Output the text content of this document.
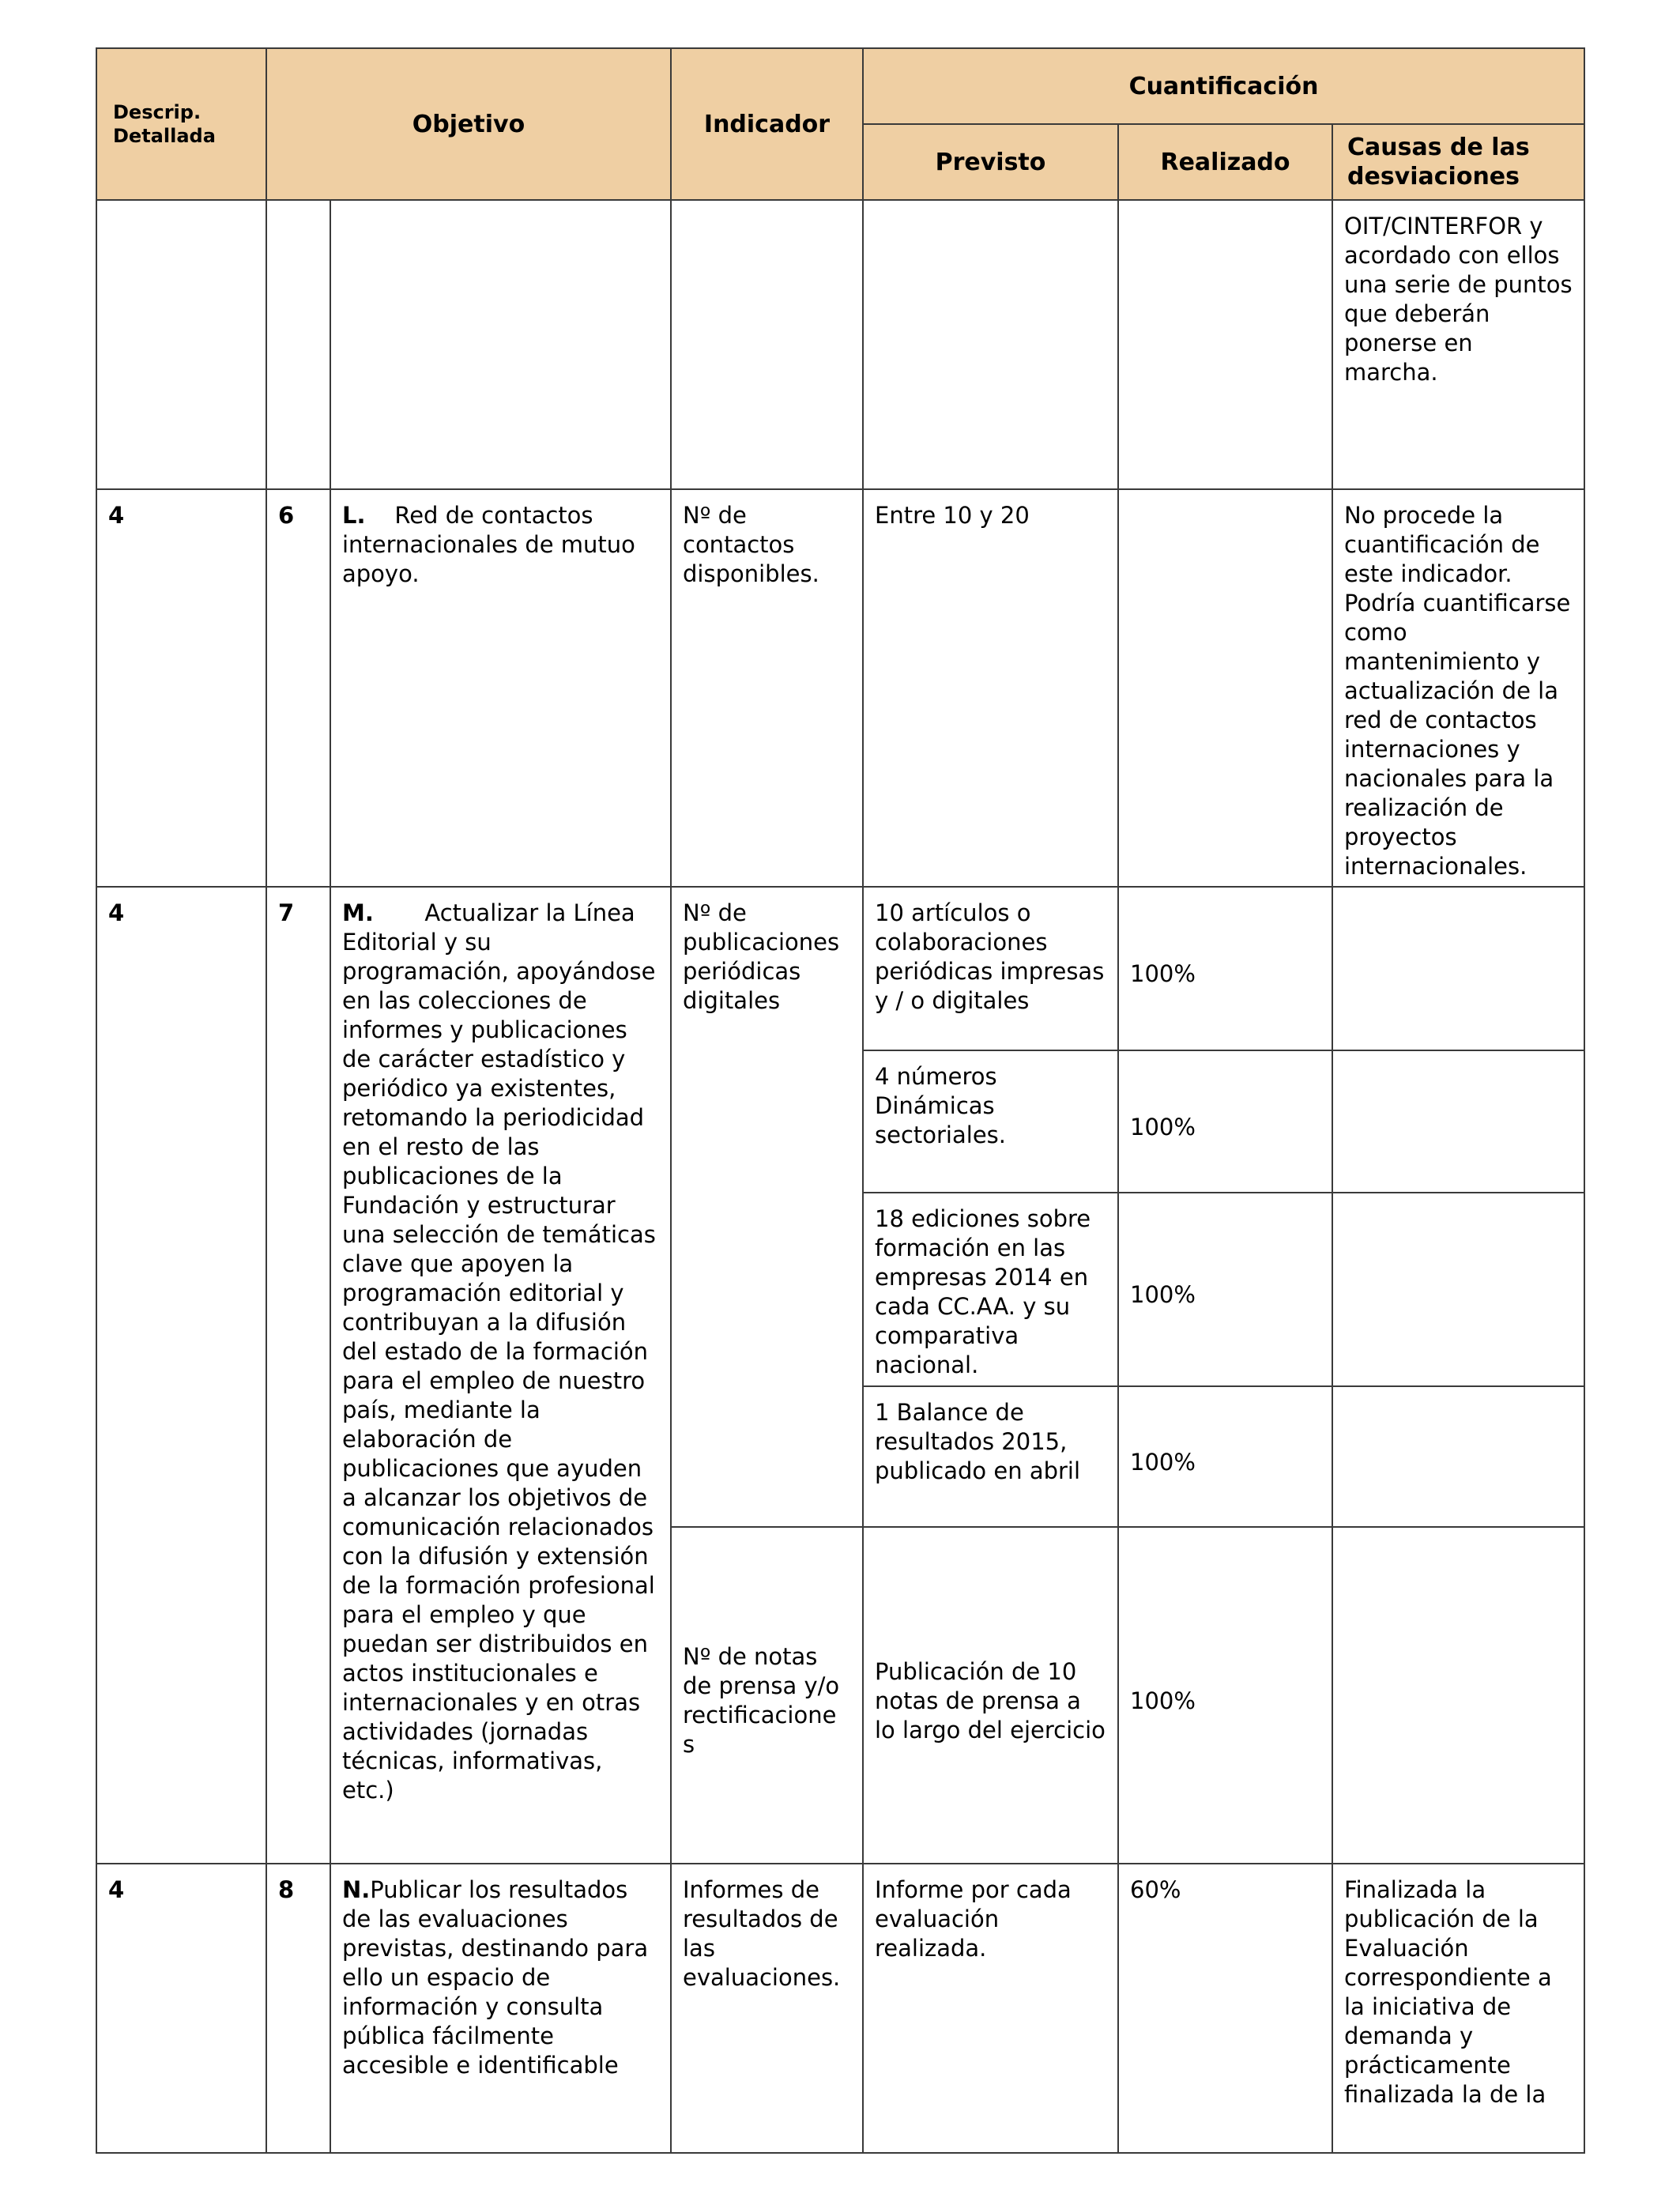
Descrip.
Detallada	Objetivo		Indicador	Cuantificación		
				Previsto	Realizado	Causas de las desviaciones
						OIT/CINTERFOR y acordado con ellos una serie de puntos que deberán ponerse en marcha.
4	6	L.    Red de contactos internacionales de mutuo apoyo.	Nº de contactos disponibles.	Entre 10 y 20		No procede la cuantificación de este indicador. Podría cuantificarse como mantenimiento y actualización de la red de contactos internaciones y nacionales para la realización de proyectos internacionales.
4	7	M.       Actualizar la Línea Editorial y su programación, apoyándose en las colecciones de informes y publicaciones de carácter estadístico y periódico ya existentes, retomando la periodicidad en el resto de las publicaciones de la Fundación y estructurar una selección de temáticas clave que apoyen la programación editorial y contribuyan a la difusión del estado de la formación para el empleo de nuestro país, mediante la elaboración de publicaciones que ayuden a alcanzar los objetivos de comunicación relacionados con la difusión y extensión de la formación profesional para el empleo y que puedan ser distribuidos en actos institucionales e internacionales y en otras actividades (jornadas técnicas, informativas, etc.)	Nº de publicaciones periódicas digitales	10 artículos o colaboraciones periódicas impresas y / o digitales	100%	
				4 números Dinámicas sectoriales.	100%	
				18 ediciones sobre formación en las empresas 2014 en cada CC.AA. y su comparativa nacional.	100%	
				1 Balance de resultados 2015, publicado en abril	100%	
			Nº de notas de prensa y/o rectificacione s	Publicación de 10 notas de prensa a lo largo del ejercicio	100%	
4	8	N.Publicar los resultados de las evaluaciones previstas, destinando para ello un espacio de información y consulta pública fácilmente accesible e identificable	Informes de resultados de las evaluaciones.	Informe por cada evaluación realizada.	60%	Finalizada la publicación de la Evaluación correspondiente a la iniciativa de demanda y prácticamente finalizada la de la
